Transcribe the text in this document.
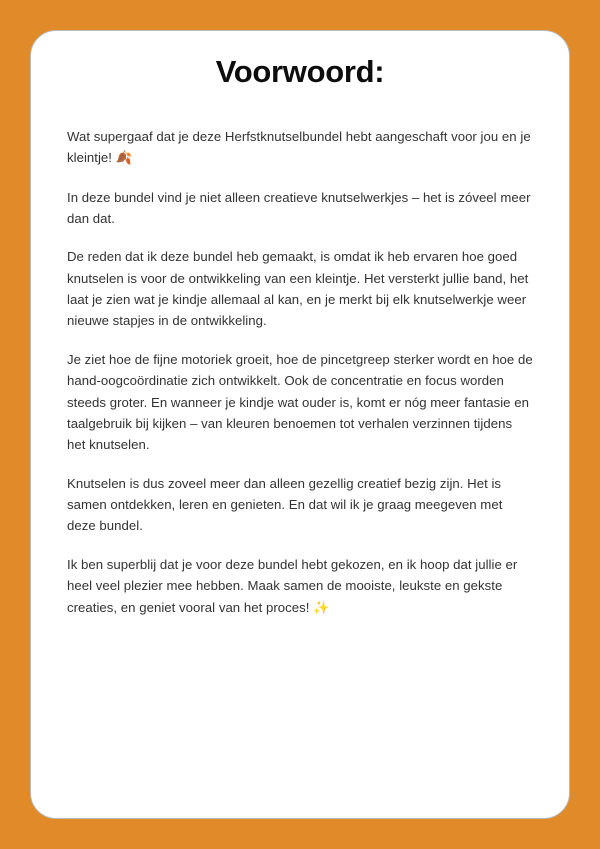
Voorwoord:

Wat supergaaf dat je deze Herfstknutselbundel hebt aangeschaft voor jou en je kleintje! 🍂

In deze bundel vind je niet alleen creatieve knutselwerkjes – het is zóveel meer dan dat.

De reden dat ik deze bundel heb gemaakt, is omdat ik heb ervaren hoe goed knutselen is voor de ontwikkeling van een kleintje. Het versterkt jullie band, het laat je zien wat je kindje allemaal al kan, en je merkt bij elk knutselwerkje weer nieuwe stapjes in de ontwikkeling.

Je ziet hoe de fijne motoriek groeit, hoe de pincetgreep sterker wordt en hoe de hand-oogcoördinatie zich ontwikkelt. Ook de concentratie en focus worden steeds groter. En wanneer je kindje wat ouder is, komt er nóg meer fantasie en taalgebruik bij kijken – van kleuren benoemen tot verhalen verzinnen tijdens het knutselen.

Knutselen is dus zoveel meer dan alleen gezellig creatief bezig zijn. Het is samen ontdekken, leren en genieten. En dat wil ik je graag meegeven met deze bundel.

Ik ben superblij dat je voor deze bundel hebt gekozen, en ik hoop dat jullie er heel veel plezier mee hebben. Maak samen de mooiste, leukste en gekste creaties, en geniet vooral van het proces! ✨
